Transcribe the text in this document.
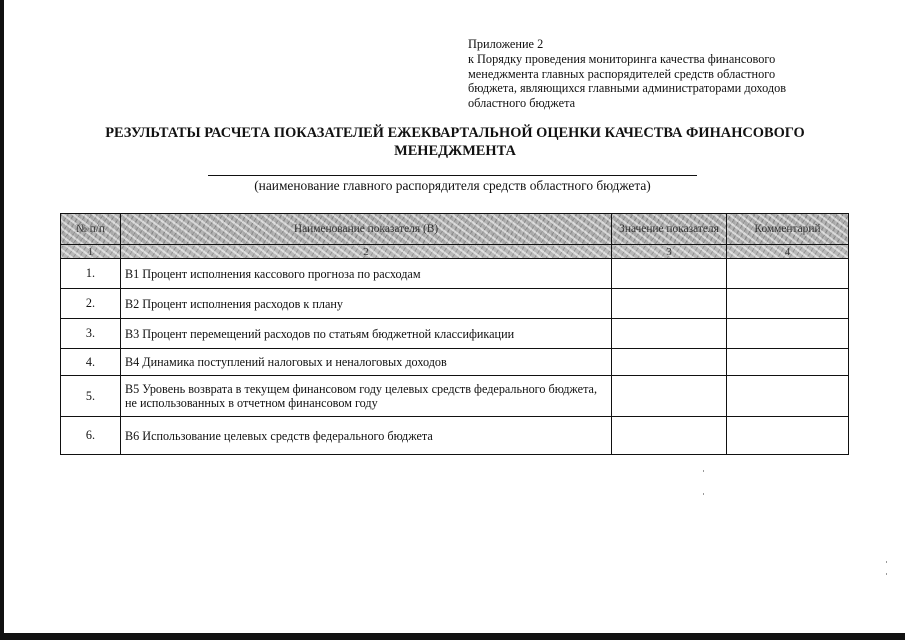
Приложение 2
к Порядку проведения мониторинга качества финансового
менеджмента главных распорядителей средств областного
бюджета, являющихся главными администраторами доходов
областного бюджета
РЕЗУЛЬТАТЫ РАСЧЕТА ПОКАЗАТЕЛЕЙ ЕЖЕКВАРТАЛЬНОЙ ОЦЕНКИ КАЧЕСТВА ФИНАНСОВОГО
МЕНЕДЖМЕНТА
(наименование главного распорядителя средств областного бюджета)
№ п/п	Наименование показателя (В)	Значение показателя	Комментарий
1	2	3	4
1.	В1 Процент исполнения кассового прогноза по расходам		
2.	В2 Процент исполнения расходов к плану		
3.	В3 Процент перемещений расходов по статьям бюджетной классификации		
4.	В4 Динамика поступлений налоговых и неналоговых доходов		
5.	В5 Уровень возврата в текущем финансовом году целевых средств федерального бюджета, не использованных в отчетном финансовом году		
6.	В6 Использование целевых средств федерального бюджета		
